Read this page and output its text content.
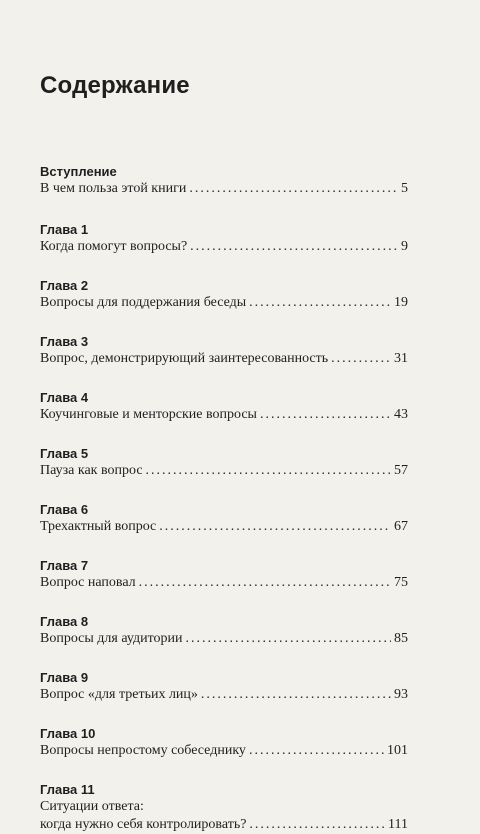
Содержание
Вступление
В чем польза этой книги .....	5
Глава 1
Когда помогут вопросы? .....	9
Глава 2
Вопросы для поддержания беседы .....	19
Глава 3
Вопрос, демонстрирующий заинтересованность .....	31
Глава 4
Коучинговые и менторские вопросы .....	43
Глава 5
Пауза как вопрос .....	57
Глава 6
Трехактный вопрос .....	67
Глава 7
Вопрос наповал .....	75
Глава 8
Вопросы для аудитории .....	85
Глава 9
Вопрос «для третьих лиц» .....	93
Глава 10
Вопросы непростому собеседнику .....	101
Глава 11
Ситуации ответа:
когда нужно себя контролировать? .....	111
